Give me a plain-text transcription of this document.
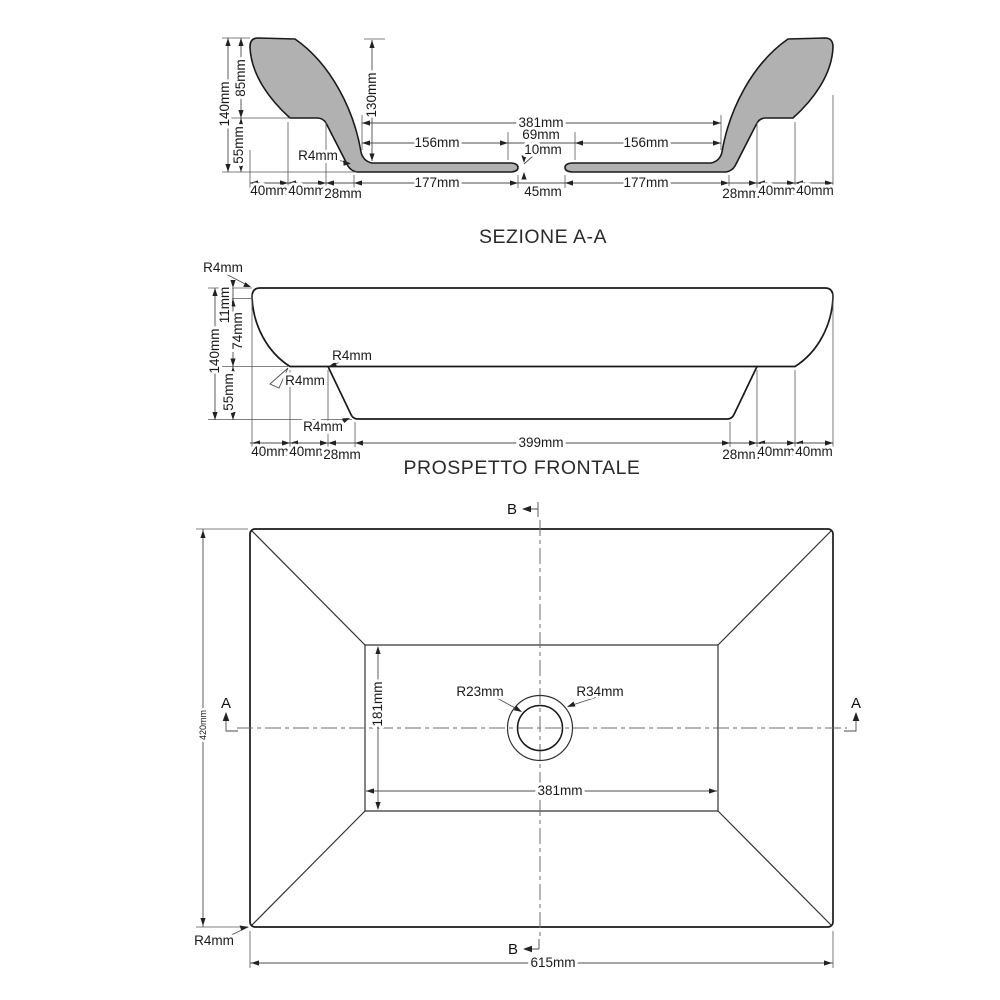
140mm
85mm
55mm
130mm
R4mm
381mm
69mm
10mm
156mm	156mm
177mm	177mm
45mm
40mm 40mm
28mm	28mm
40mm 40mm
SEZIONE A-A
R4mm
11mm
74mm
140mm
55mm
R4mm
R4mm
R4mm
399mm
40mm 40mm
28mm	28mm
40mm 40mm
PROSPETTO FRONTALE
R23mm	R34mm
181mm
381mm
615mm
420mm
R4mm
B
B
A	A
